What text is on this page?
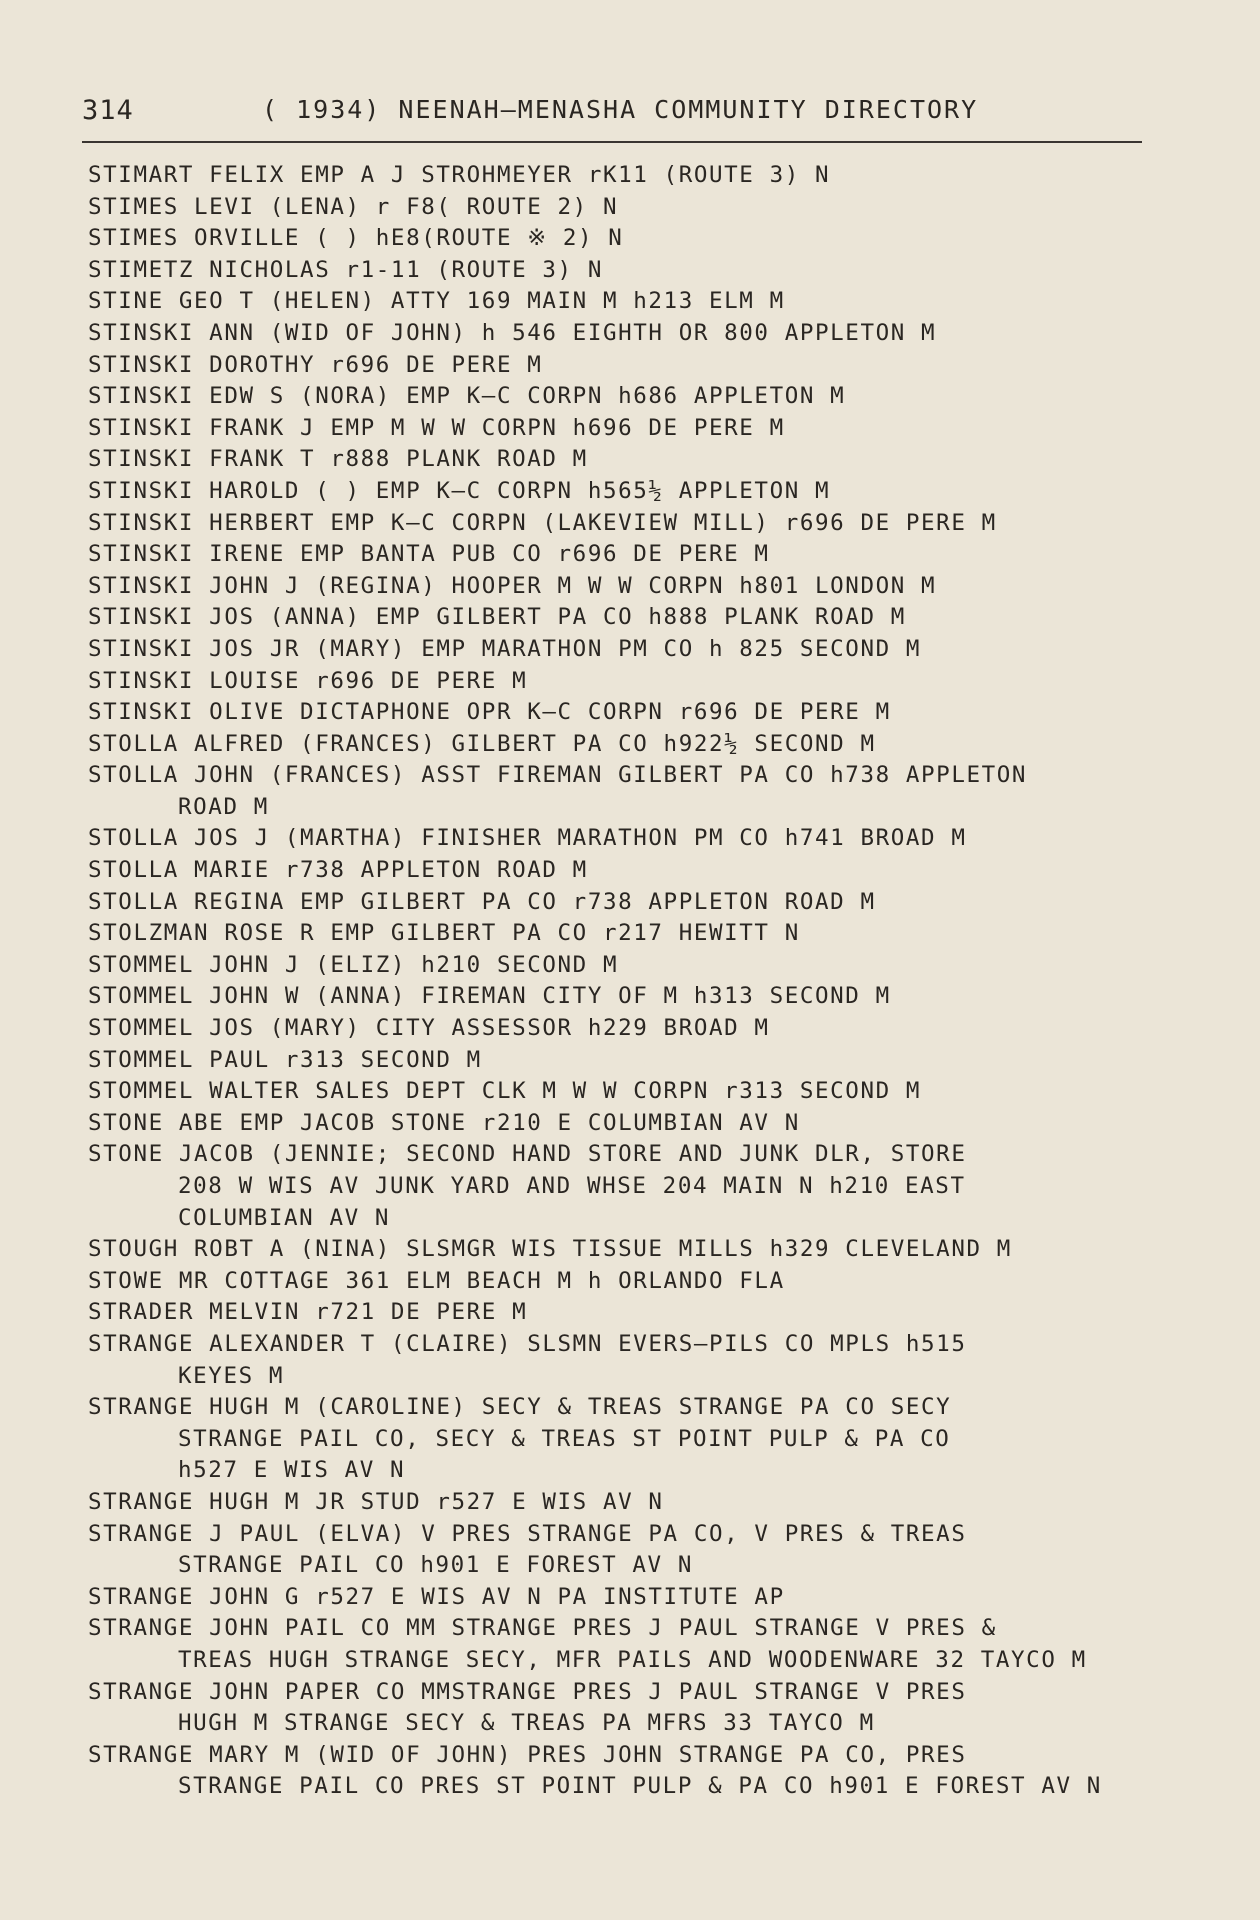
314	( 1934) NEENAH—MENASHA COMMUNITY DIRECTORY
STIMART FELIX EMP A J STROHMEYER rK11 (ROUTE 3) N
STIMES LEVI (LENA) r F8( ROUTE 2) N
STIMES ORVILLE ( ) hE8(ROUTE ※ 2) N
STIMETZ NICHOLAS r1-11 (ROUTE 3) N
STINE GEO T (HELEN) ATTY 169 MAIN M h213 ELM M
STINSKI ANN (WID OF JOHN) h 546 EIGHTH OR 800 APPLETON M
STINSKI DOROTHY r696 DE PERE M
STINSKI EDW S (NORA) EMP K—C CORPN h686 APPLETON M
STINSKI FRANK J EMP M W W CORPN h696 DE PERE M
STINSKI FRANK T r888 PLANK ROAD M
STINSKI HAROLD ( ) EMP K—C CORPN h565½ APPLETON M
STINSKI HERBERT EMP K—C CORPN (LAKEVIEW MILL) r696 DE PERE M
STINSKI IRENE EMP BANTA PUB CO r696 DE PERE M
STINSKI JOHN J (REGINA) HOOPER M W W CORPN h801 LONDON M
STINSKI JOS (ANNA) EMP GILBERT PA CO h888 PLANK ROAD M
STINSKI JOS JR (MARY) EMP MARATHON PM CO h 825 SECOND M
STINSKI LOUISE r696 DE PERE M
STINSKI OLIVE DICTAPHONE OPR K—C CORPN r696 DE PERE M
STOLLA ALFRED (FRANCES) GILBERT PA CO h922½ SECOND M
STOLLA JOHN (FRANCES) ASST FIREMAN GILBERT PA CO h738 APPLETON
ROAD M
STOLLA JOS J (MARTHA) FINISHER MARATHON PM CO h741 BROAD M
STOLLA MARIE r738 APPLETON ROAD M
STOLLA REGINA EMP GILBERT PA CO r738 APPLETON ROAD M
STOLZMAN ROSE R EMP GILBERT PA CO r217 HEWITT N
STOMMEL JOHN J (ELIZ) h210 SECOND M
STOMMEL JOHN W (ANNA) FIREMAN CITY OF M h313 SECOND M
STOMMEL JOS (MARY) CITY ASSESSOR h229 BROAD M
STOMMEL PAUL r313 SECOND M
STOMMEL WALTER SALES DEPT CLK M W W CORPN r313 SECOND M
STONE ABE EMP JACOB STONE r210 E COLUMBIAN AV N
STONE JACOB (JENNIE; SECOND HAND STORE AND JUNK DLR, STORE
208 W WIS AV JUNK YARD AND WHSE 204 MAIN N h210 EAST
COLUMBIAN AV N
STOUGH ROBT A (NINA) SLSMGR WIS TISSUE MILLS h329 CLEVELAND M
STOWE MR COTTAGE 361 ELM BEACH M h ORLANDO FLA
STRADER MELVIN r721 DE PERE M
STRANGE ALEXANDER T (CLAIRE) SLSMN EVERS—PILS CO MPLS h515
KEYES M
STRANGE HUGH M (CAROLINE) SECY & TREAS STRANGE PA CO SECY
STRANGE PAIL CO, SECY & TREAS ST POINT PULP & PA CO
h527 E WIS AV N
STRANGE HUGH M JR STUD r527 E WIS AV N
STRANGE J PAUL (ELVA) V PRES STRANGE PA CO, V PRES & TREAS
STRANGE PAIL CO h901 E FOREST AV N
STRANGE JOHN G r527 E WIS AV N PA INSTITUTE AP
STRANGE JOHN PAIL CO MM STRANGE PRES J PAUL STRANGE V PRES &
TREAS HUGH STRANGE SECY, MFR PAILS AND WOODENWARE 32 TAYCO M
STRANGE JOHN PAPER CO MMSTRANGE PRES J PAUL STRANGE V PRES
HUGH M STRANGE SECY & TREAS PA MFRS 33 TAYCO M
STRANGE MARY M (WID OF JOHN) PRES JOHN STRANGE PA CO, PRES
STRANGE PAIL CO PRES ST POINT PULP & PA CO h901 E FOREST AV N
